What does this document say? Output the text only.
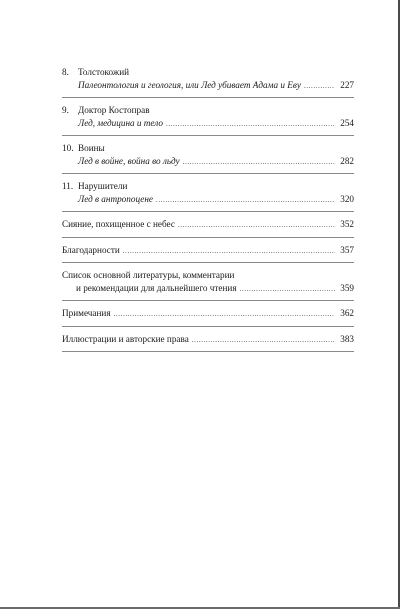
8. Толстокожий
Палеонтология и геология, или Лед убивает Адама и Еву .....	227
9. Доктор Костоправ
Лед, медицина и тело .....	254
10. Воины
Лед в войне, война во льду .....	282
11. Нарушители
Лед в антропоцене .....	320
Сияние, похищенное с небес .....	352
Благодарности .....	357
Список основной литературы, комментарии
и рекомендации для дальнейшего чтения .....	359
Примечания .....	362
Иллюстрации и авторские права .....	383
